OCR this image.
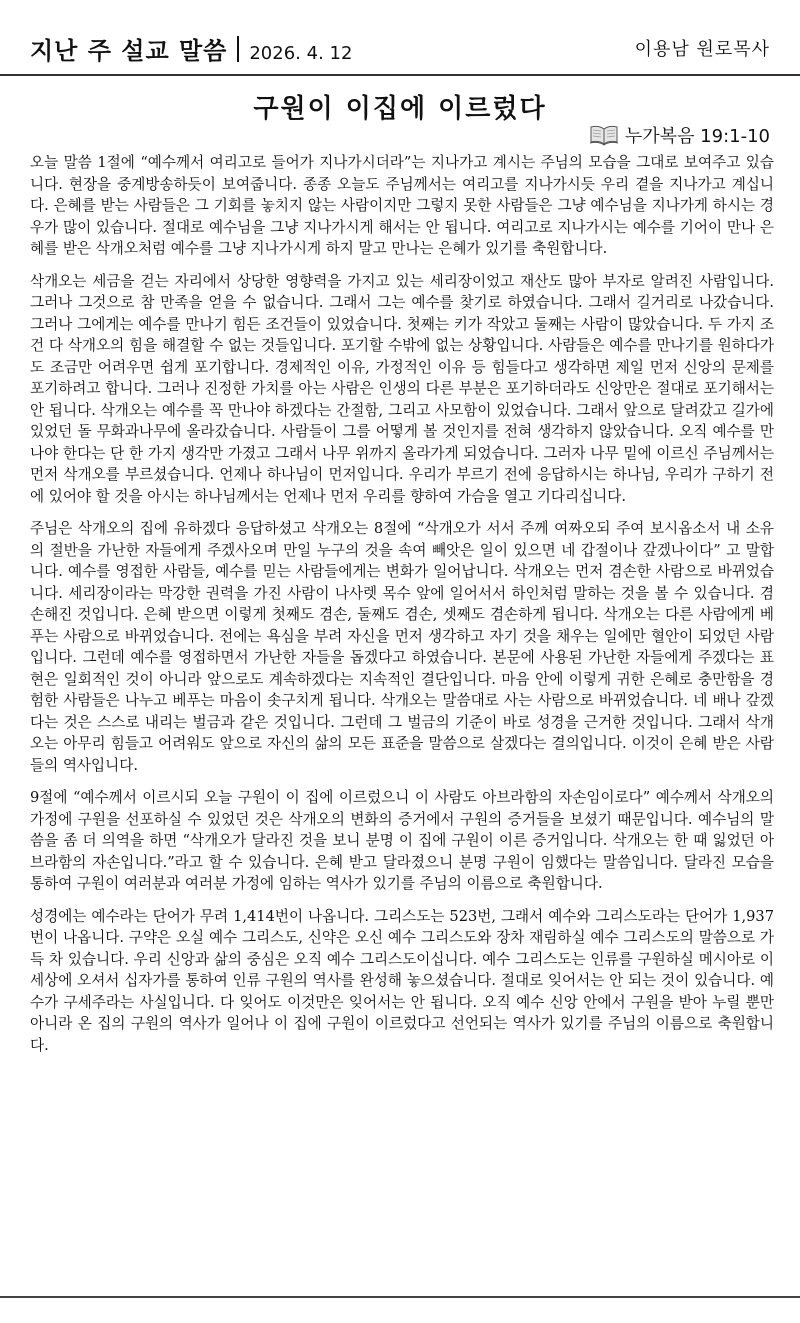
지난 주 설교 말씀 2026. 4. 12	이용남 원로목사
구원이 이집에 이르렀다
누가복음 19:1-10

오늘 말씀 1절에 “예수께서 여리고로 들어가 지나가시더라”는 지나가고 계시는 주님의 모습을 그대로 보여주고 있습니다. 현장을 중계방송하듯이 보여줍니다. 종종 오늘도 주님께서는 여리고를 지나가시듯 우리 곁을 지나가고 계십니다. 은혜를 받는 사람들은 그 기회를 놓치지 않는 사람이지만 그렇지 못한 사람들은 그냥 예수님을 지나가게 하시는 경우가 많이 있습니다. 절대로 예수님을 그냥 지나가시게 해서는 안 됩니다. 여리고로 지나가시는 예수를 기어이 만나 은혜를 받은 삭개오처럼 예수를 그냥 지나가시게 하지 말고 만나는 은혜가 있기를 축원합니다.

삭개오는 세금을 걷는 자리에서 상당한 영향력을 가지고 있는 세리장이었고 재산도 많아 부자로 알려진 사람입니다. 그러나 그것으로 참 만족을 얻을 수 없습니다. 그래서 그는 예수를 찾기로 하였습니다. 그래서 길거리로 나갔습니다. 그러나 그에게는 예수를 만나기 힘든 조건들이 있었습니다. 첫째는 키가 작았고 둘째는 사람이 많았습니다. 두 가지 조건 다 삭개오의 힘을 해결할 수 없는 것들입니다. 포기할 수밖에 없는 상황입니다. 사람들은 예수를 만나기를 원하다가도 조금만 어려우면 쉽게 포기합니다. 경제적인 이유, 가정적인 이유 등 힘들다고 생각하면 제일 먼저 신앙의 문제를 포기하려고 합니다. 그러나 진정한 가치를 아는 사람은 인생의 다른 부분은 포기하더라도 신앙만은 절대로 포기해서는 안 됩니다. 삭개오는 예수를 꼭 만나야 하겠다는 간절함, 그리고 사모함이 있었습니다. 그래서 앞으로 달려갔고 길가에 있었던 돌 무화과나무에 올라갔습니다. 사람들이 그를 어떻게 볼 것인지를 전혀 생각하지 않았습니다. 오직 예수를 만나야 한다는 단 한 가지 생각만 가졌고 그래서 나무 위까지 올라가게 되었습니다. 그러자 나무 밑에 이르신 주님께서는 먼저 삭개오를 부르셨습니다. 언제나 하나님이 먼저입니다. 우리가 부르기 전에 응답하시는 하나님, 우리가 구하기 전에 있어야 할 것을 아시는 하나님께서는 언제나 먼저 우리를 향하여 가슴을 열고 기다리십니다.

주님은 삭개오의 집에 유하겠다 응답하셨고 삭개오는 8절에 “삭개오가 서서 주께 여짜오되 주여 보시옵소서 내 소유의 절반을 가난한 자들에게 주겠사오며 만일 누구의 것을 속여 빼앗은 일이 있으면 네 갑절이나 갚겠나이다” 고 말합니다. 예수를 영접한 사람들, 예수를 믿는 사람들에게는 변화가 일어납니다. 삭개오는 먼저 겸손한 사람으로 바뀌었습니다. 세리장이라는 막강한 권력을 가진 사람이 나사렛 목수 앞에 일어서서 하인처럼 말하는 것을 볼 수 있습니다. 겸손해진 것입니다. 은혜 받으면 이렇게 첫째도 겸손, 둘째도 겸손, 셋째도 겸손하게 됩니다. 삭개오는 다른 사람에게 베푸는 사람으로 바뀌었습니다. 전에는 욕심을 부려 자신을 먼저 생각하고 자기 것을 채우는 일에만 혈안이 되었던 사람입니다. 그런데 예수를 영접하면서 가난한 자들을 돕겠다고 하였습니다. 본문에 사용된 가난한 자들에게 주겠다는 표현은 일회적인 것이 아니라 앞으로도 계속하겠다는 지속적인 결단입니다. 마음 안에 이렇게 귀한 은혜로 충만함을 경험한 사람들은 나누고 베푸는 마음이 솟구치게 됩니다. 삭개오는 말씀대로 사는 사람으로 바뀌었습니다. 네 배나 갚겠다는 것은 스스로 내리는 벌금과 같은 것입니다. 그런데 그 벌금의 기준이 바로 성경을 근거한 것입니다. 그래서 삭개오는 아무리 힘들고 어려워도 앞으로 자신의 삶의 모든 표준을 말씀으로 살겠다는 결의입니다. 이것이 은혜 받은 사람들의 역사입니다.

9절에 “예수께서 이르시되 오늘 구원이 이 집에 이르렀으니 이 사람도 아브라함의 자손임이로다” 예수께서 삭개오의 가정에 구원을 선포하실 수 있었던 것은 삭개오의 변화의 증거에서 구원의 증거들을 보셨기 때문입니다. 예수님의 말씀을 좀 더 의역을 하면 “삭개오가 달라진 것을 보니 분명 이 집에 구원이 이른 증거입니다. 삭개오는 한 때 잃었던 아브라함의 자손입니다.”라고 할 수 있습니다. 은혜 받고 달라졌으니 분명 구원이 임했다는 말씀입니다. 달라진 모습을 통하여 구원이 여러분과 여러분 가정에 임하는 역사가 있기를 주님의 이름으로 축원합니다.

성경에는 예수라는 단어가 무려 1,414번이 나옵니다. 그리스도는 523번, 그래서 예수와 그리스도라는 단어가 1,937번이 나옵니다. 구약은 오실 예수 그리스도, 신약은 오신 예수 그리스도와 장차 재림하실 예수 그리스도의 말씀으로 가득 차 있습니다. 우리 신앙과 삶의 중심은 오직 예수 그리스도이십니다. 예수 그리스도는 인류를 구원하실 메시아로 이 세상에 오셔서 십자가를 통하여 인류 구원의 역사를 완성해 놓으셨습니다. 절대로 잊어서는 안 되는 것이 있습니다. 예수가 구세주라는 사실입니다. 다 잊어도 이것만은 잊어서는 안 됩니다. 오직 예수 신앙 안에서 구원을 받아 누릴 뿐만 아니라 온 집의 구원의 역사가 일어나 이 집에 구원이 이르렀다고 선언되는 역사가 있기를 주님의 이름으로 축원합니다.
